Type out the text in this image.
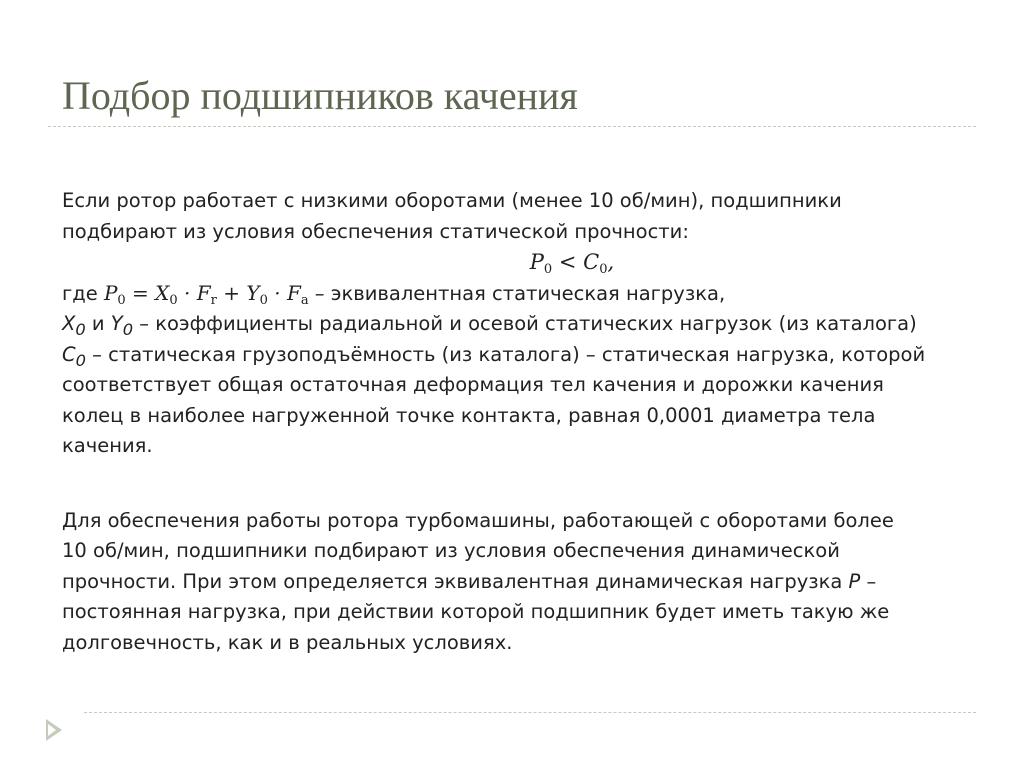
Подбор подшипников качения

Если ротор работает с низкими оборотами (менее 10 об/мин), подшипники

подбирают из условия обеспечения статической прочности:

$P_0 < C_0$,

где $P_0 = X_0 \cdot F_r + Y_0 \cdot F_a$ – эквивалентная статическая нагрузка,

$X_0$ и $Y_0$ – коэффициенты радиальной и осевой статических нагрузок (из каталога)

$C_0$ – статическая грузоподъёмность (из каталога) – статическая нагрузка, которой

соответствует общая остаточная деформация тел качения и дорожки качения

колец в наиболее нагруженной точке контакта, равная 0,0001 диаметра тела

качения.

Для обеспечения работы ротора турбомашины, работающей с оборотами более

10 об/мин, подшипники подбирают из условия обеспечения динамической

прочности. При этом определяется эквивалентная динамическая нагрузка P –

постоянная нагрузка, при действии которой подшипник будет иметь такую же

долговечность, как и в реальных условиях.
